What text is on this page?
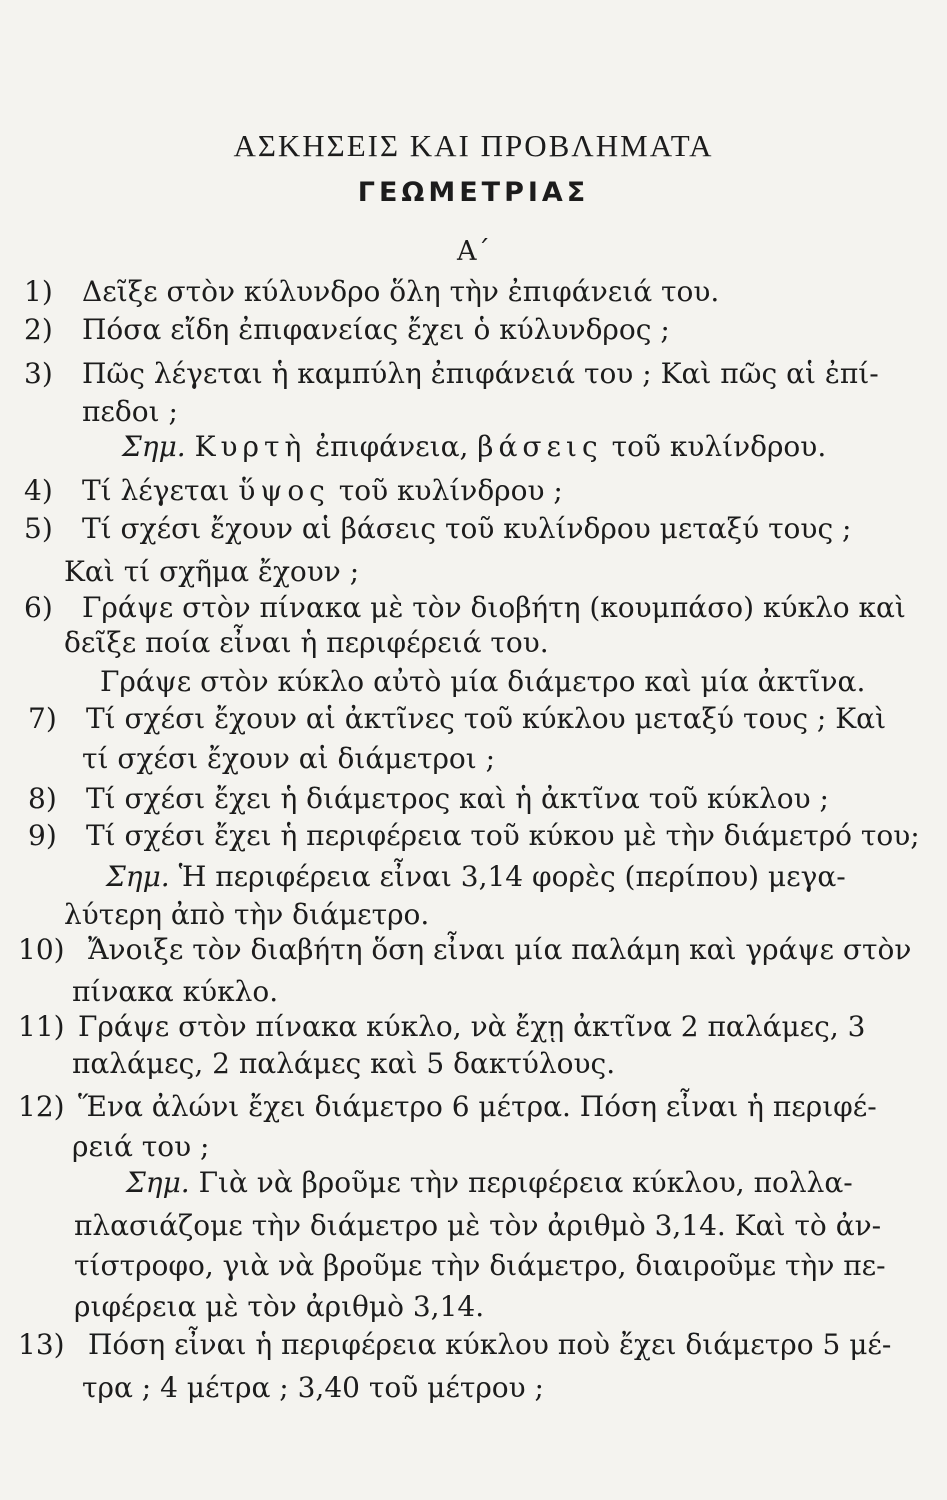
ΑΣΚΗΣΕΙΣ ΚΑΙ ΠΡΟΒΛΗΜΑΤΑ
ΓΕΩΜΕΤΡΙΑΣ
Α΄
1) Δεῖξε στὸν κύλυνδρο ὅλη τὴν ἐπιφάνειά του.
2) Πόσα εἴδη ἐπιφανείας ἔχει ὁ κύλυνδρος ;
3) Πῶς λέγεται ἡ καμπύλη ἐπιφάνειά του ; Καὶ πῶς αἱ ἐπί-
πεδοι ;
Σημ. Κυρτὴ ἐπιφάνεια, βάσεις τοῦ κυλίνδρου.
4) Τί λέγεται ὕψος τοῦ κυλίνδρου ;
5) Τί σχέσι ἔχουν αἱ βάσεις τοῦ κυλίνδρου μεταξύ τους ;
Καὶ τί σχῆμα ἔχουν ;
6) Γράψε στὸν πίνακα μὲ τὸν διοβήτη (κουμπάσο) κύκλο καὶ
δεῖξε ποία εἶναι ἡ περιφέρειά του.
Γράψε στὸν κύκλο αὐτὸ μία διάμετρο καὶ μία ἀκτῖνα.
7) Τί σχέσι ἔχουν αἱ ἀκτῖνες τοῦ κύκλου μεταξύ τους ; Καὶ
τί σχέσι ἔχουν αἱ διάμετροι ;
8) Τί σχέσι ἔχει ἡ διάμετρος καὶ ἡ ἀκτῖνα τοῦ κύκλου ;
9) Τί σχέσι ἔχει ἡ περιφέρεια τοῦ κύκου μὲ τὴν διάμετρό του;
Σημ. Ἡ περιφέρεια εἶναι 3,14 φορὲς (περίπου) μεγα-
λύτερη ἀπὸ τὴν διάμετρο.
10) Ἄνοιξε τὸν διαβήτη ὅση εἶναι μία παλάμη καὶ γράψε στὸν
πίνακα κύκλο.
11) Γράψε στὸν πίνακα κύκλο, νὰ ἔχῃ ἀκτῖνα 2 παλάμες, 3
παλάμες, 2 παλάμες καὶ 5 δακτύλους.
12) Ἕνα ἀλώνι ἔχει διάμετρο 6 μέτρα. Πόση εἶναι ἡ περιφέ-
ρειά του ;
Σημ. Γιὰ νὰ βροῦμε τὴν περιφέρεια κύκλου, πολλα-
πλασιάζομε τὴν διάμετρο μὲ τὸν ἀριθμὸ 3,14. Καὶ τὸ ἀν-
τίστροφο, γιὰ νὰ βροῦμε τὴν διάμετρο, διαιροῦμε τὴν πε-
ριφέρεια μὲ τὸν ἀριθμὸ 3,14.
13) Πόση εἶναι ἡ περιφέρεια κύκλου ποὺ ἔχει διάμετρο 5 μέ-
τρα ; 4 μέτρα ; 3,40 τοῦ μέτρου ;
